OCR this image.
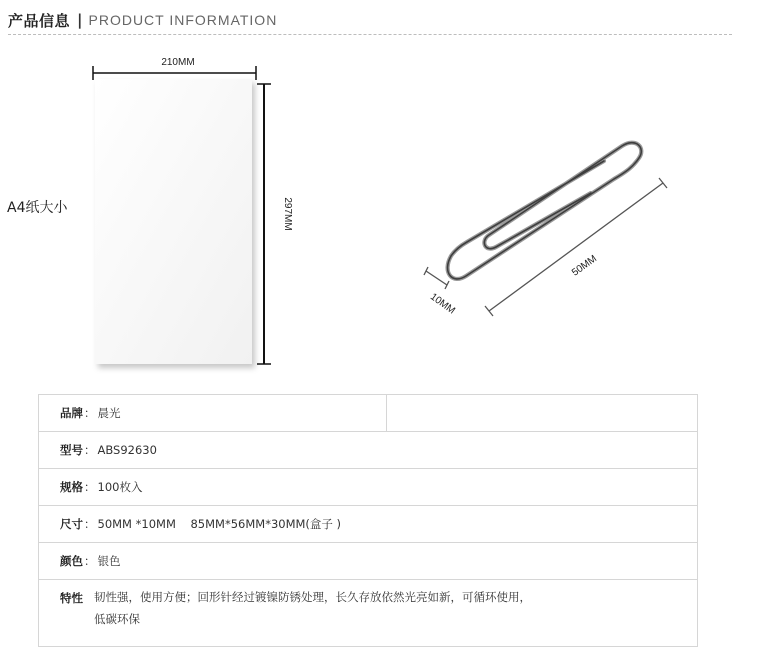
产品信息 | PRODUCT INFORMATION
210MM
297MM
50MM
10MM
A4纸大小
品牌： 晨光	
型号： ABS92630
规格： 100枚入
尺寸： 50MM *10MM    85MM*56MM*30MM(盒子 )
颜色： 银色

特性 韧性强，使用方便；回形针经过镀镍防锈处理，长久存放依然光亮如新，可循环使用，
低碳环保
